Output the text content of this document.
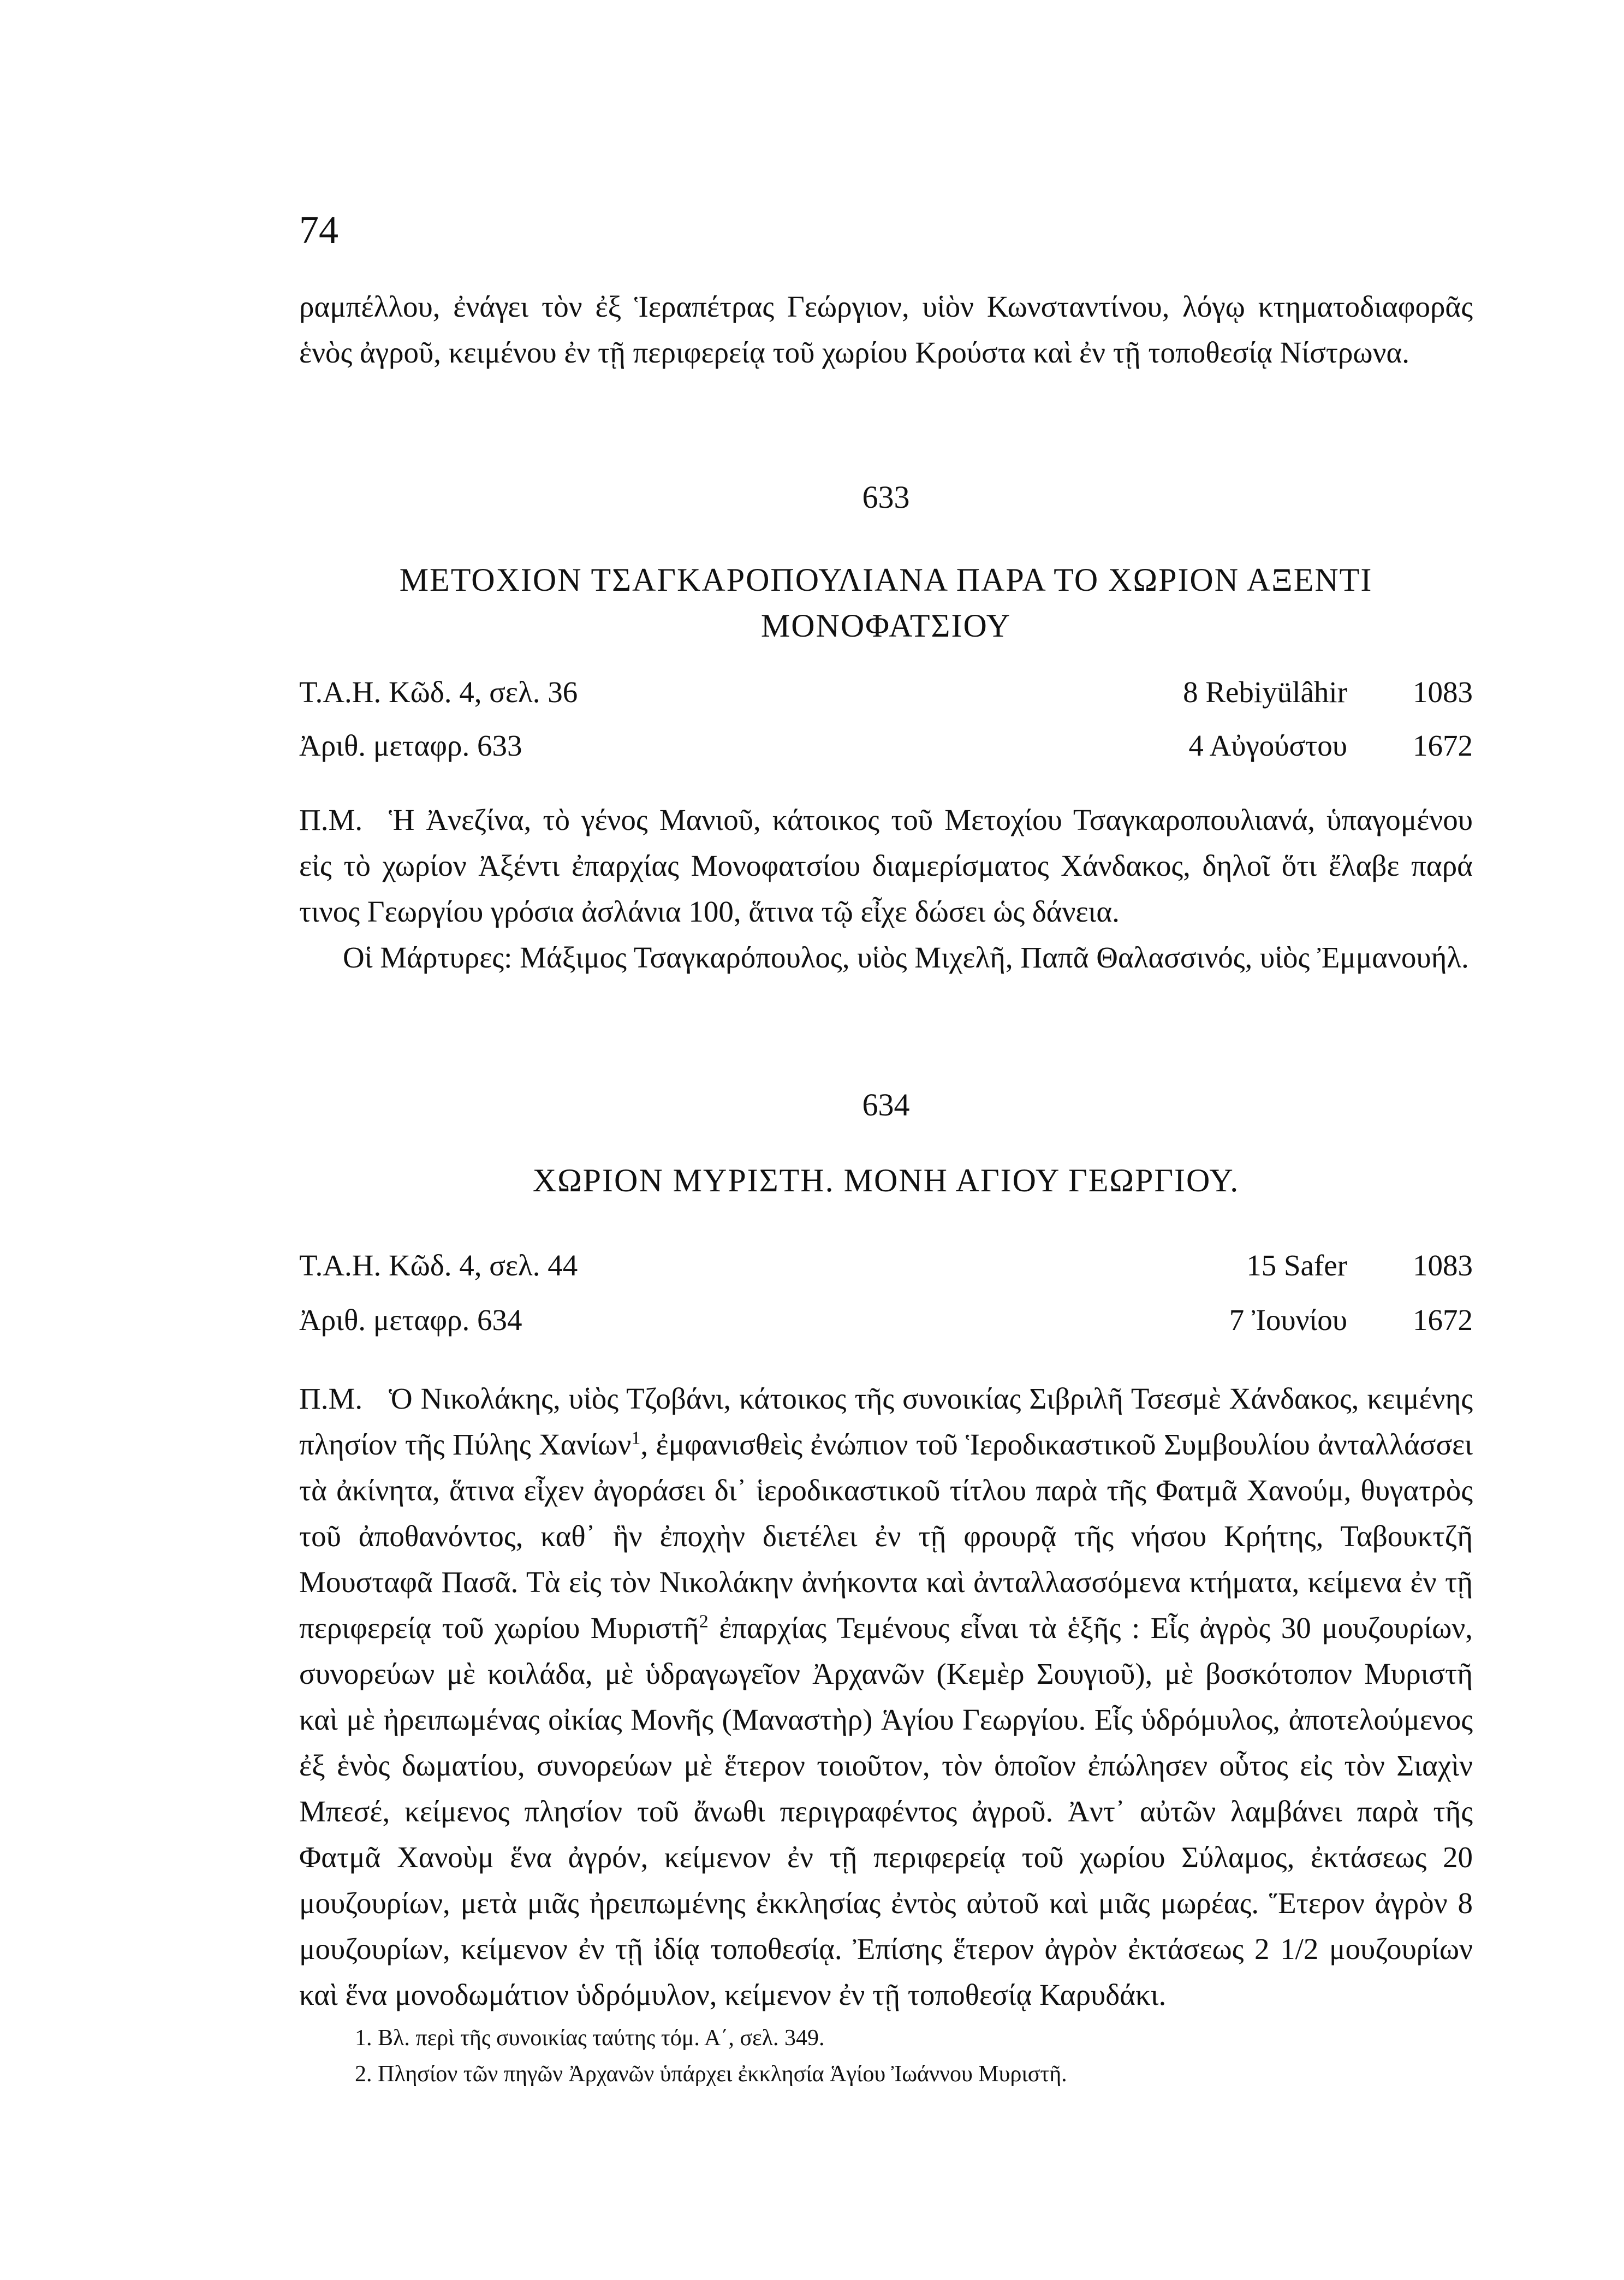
74

ραμπέλλου, ἐνάγει τὸν ἐξ Ἱεραπέτρας Γεώργιον, υἱὸν Κωνσταντίνου, λόγῳ κτηματοδιαφορᾶς ἑνὸς ἀγροῦ, κειμένου ἐν τῇ περιφερείᾳ τοῦ χωρίου Κρούστα καὶ ἐν τῇ τοποθεσίᾳ Νίστρωνα.

633
ΜΕΤΟΧΙΟΝ ΤΣΑΓΚΑΡΟΠΟΥΛΙΑΝΑ ΠΑΡΑ ΤΟ ΧΩΡΙΟΝ ΑΞΕΝΤΙ
ΜΟΝΟΦΑΤΣΙΟΥ
Τ.Α.Η. Κῶδ. 4, σελ. 36	8 Rebiyülâhir 1083
Ἀριθ. μεταφρ. 633	4 Αὐγούστου 1672

Π.Μ. Ἡ Ἀνεζίνα, τὸ γένος Μανιοῦ, κάτοικος τοῦ Μετοχίου Τσαγκαροπουλιανά, ὑπαγομένου εἰς τὸ χωρίον Ἀξέντι ἐπαρχίας Μονοφατσίου διαμερίσματος Χάνδακος, δηλοῖ ὅτι ἔλαβε παρά τινος Γεωργίου γρόσια ἀσλάνια 100, ἅτινα τῷ εἶχε δώσει ὡς δάνεια.

Οἱ Μάρτυρες: Μάξιμος Τσαγκαρόπουλος, υἱὸς Μιχελῆ, Παπᾶ Θαλασσινός, υἱὸς Ἐμμανουήλ.

634
ΧΩΡΙΟΝ ΜΥΡΙΣΤΗ. ΜΟΝΗ ΑΓΙΟΥ ΓΕΩΡΓΙΟΥ.
Τ.Α.Η. Κῶδ. 4, σελ. 44	15 Safer 1083
Ἀριθ. μεταφρ. 634	7 Ἰουνίου 1672

Π.Μ. Ὁ Νικολάκης, υἱὸς Τζοβάνι, κάτοικος τῆς συνοικίας Σιβριλῆ Τσεσμὲ Χάνδακος, κειμένης πλησίον τῆς Πύλης Χανίων$^1$, ἐμφανισθεὶς ἐνώπιον τοῦ Ἱεροδικαστικοῦ Συμβουλίου ἀνταλλάσσει τὰ ἀκίνητα, ἅτινα εἶχεν ἀγοράσει δι᾽ ἱεροδικαστικοῦ τίτλου παρὰ τῆς Φατμᾶ Χανούμ, θυγατρὸς τοῦ ἀποθανόντος, καθ᾽ ἣν ἐποχὴν διετέλει ἐν τῇ φρουρᾷ τῆς νήσου Κρήτης, Ταβουκτζῆ Μουσταφᾶ Πασᾶ. Τὰ εἰς τὸν Νικολάκην ἀνήκοντα καὶ ἀνταλλασσόμενα κτήματα, κείμενα ἐν τῇ περιφερείᾳ τοῦ χωρίου Μυριστῆ$^2$ ἐπαρχίας Τεμένους εἶναι τὰ ἑξῆς : Εἷς ἀγρὸς 30 μουζουρίων, συνορεύων μὲ κοιλάδα, μὲ ὑδραγωγεῖον Ἀρχανῶν (Κεμὲρ Σουγιοῦ), μὲ βοσκότοπον Μυριστῆ καὶ μὲ ἠρειπωμένας οἰκίας Μονῆς (Μαναστὴρ) Ἁγίου Γεωργίου. Εἷς ὑδρόμυλος, ἀποτελούμενος ἐξ ἑνὸς δωματίου, συνορεύων μὲ ἕτερον τοιοῦτον, τὸν ὁποῖον ἐπώλησεν οὗτος εἰς τὸν Σιαχὶν Μπεσέ, κείμενος πλησίον τοῦ ἄνωθι περιγραφέντος ἀγροῦ. Ἀντ᾽ αὐτῶν λαμβάνει παρὰ τῆς Φατμᾶ Χανοὺμ ἕνα ἀγρόν, κείμενον ἐν τῇ περιφερείᾳ τοῦ χωρίου Σύλαμος, ἐκτάσεως 20 μουζουρίων, μετὰ μιᾶς ἠρειπωμένης ἐκκλησίας ἐντὸς αὐτοῦ καὶ μιᾶς μωρέας. Ἕτερον ἀγρὸν 8 μουζουρίων, κείμενον ἐν τῇ ἰδίᾳ τοποθεσίᾳ. Ἐπίσης ἕτερον ἀγρὸν ἐκτάσεως 2 1/2 μουζουρίων καὶ ἕνα μονοδωμάτιον ὑδρόμυλον, κείμενον ἐν τῇ τοποθεσίᾳ Καρυδάκι.

1. Βλ. περὶ τῆς συνοικίας ταύτης τόμ. Α΄, σελ. 349.

2. Πλησίον τῶν πηγῶν Ἀρχανῶν ὑπάρχει ἐκκλησία Ἁγίου Ἰωάννου Μυριστῆ.
